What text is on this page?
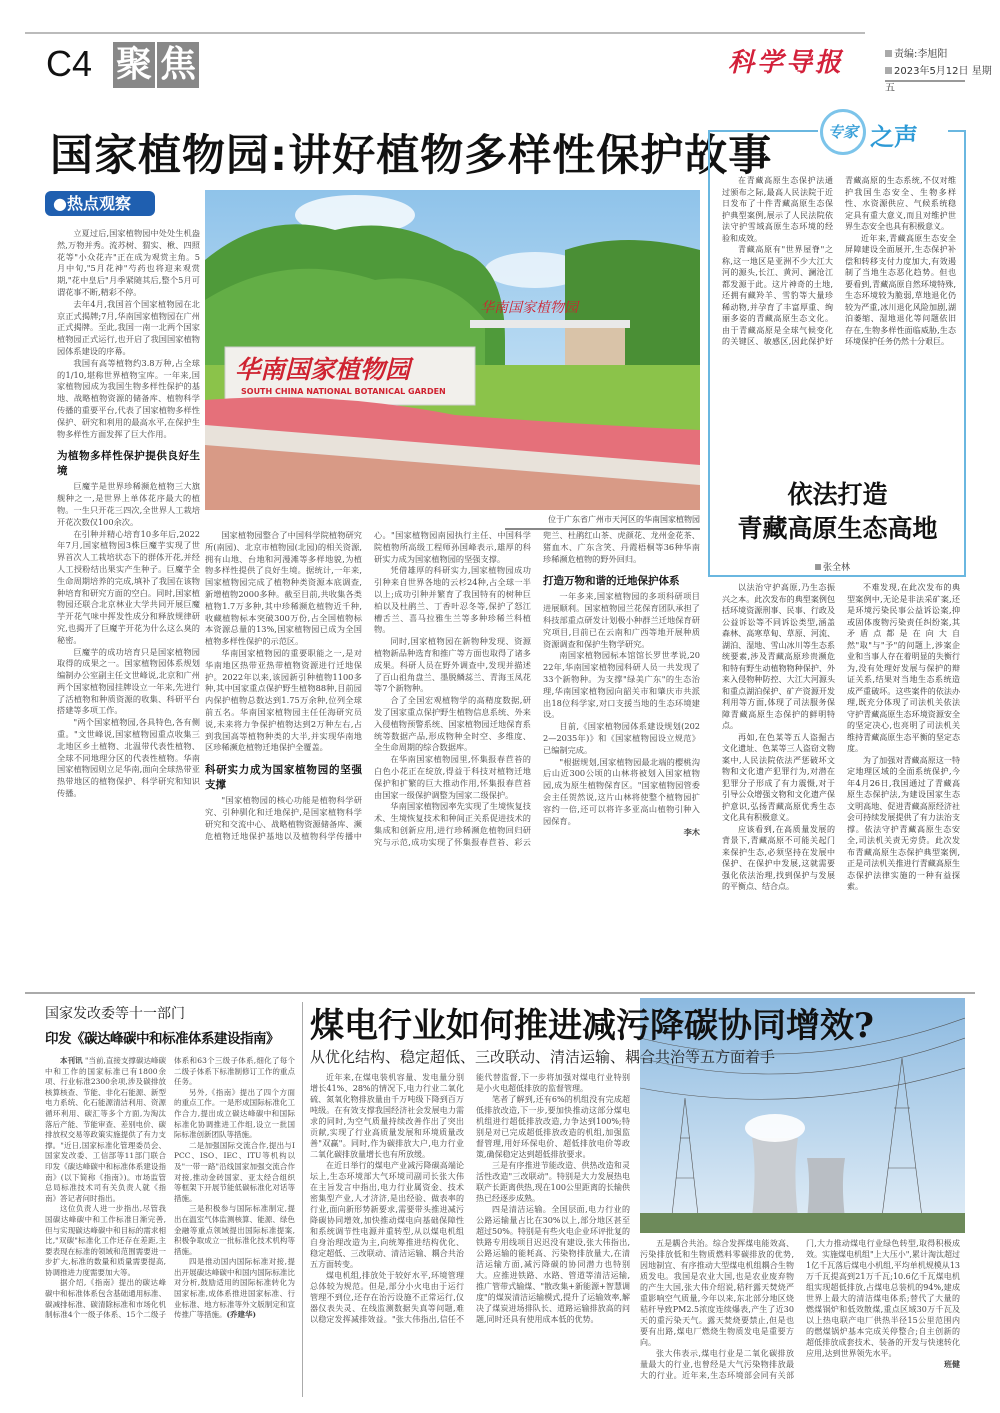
C4 聚 焦	科学导报	责编:李旭阳
2023年5月12日 星期五
国家植物园:讲好植物多样性保护故事
●热点观察
华南国家植物园
华南国家植物园
SOUTH CHINA NATIONAL BOTANICAL GARDEN
位于广东省广州市天河区的华南国家植物园

立夏过后,国家植物园中处处生机盎然,万物并秀。流苏树、猬实、楸、四照花等"小众花卉"正在成为观赏主角。5月中旬,"5月花神"芍药也将迎来观赏期,"花中皇后"月季紧随其后,整个5月可谓花事不断,精彩不停。

去年4月,我国首个国家植物园在北京正式揭牌;7月,华南国家植物园在广州正式揭牌。至此,我国一南一北两个国家植物园正式运行,也开启了我国国家植物园体系建设的序幕。

我国有高等植物约3.8万种,占全球的1/10,堪称世界植物宝库。一年来,国家植物园成为我国生物多样性保护的基地、战略植物资源的储备库、植物科学传播的重要平台,代表了国家植物多样性保护、研究和利用的最高水平,在保护生物多样性方面发挥了巨大作用。

为植物多样性保护提供良好生境

巨魔芋是世界珍稀濒危植物三大旗舰种之一,是世界上单体花序最大的植物。一生只开花三四次,全世界人工栽培开花次数仅100余次。

在引种并精心培育10多年后,2022年7月,国家植物园3株巨魔芋实现了世界首次人工栽培状态下的群体开花,并经人工授粉结出果实产生种子。巨魔芋全生命周期培养的完成,填补了我国在该物种培育和研究方面的空白。同时,国家植物园还联合北京林业大学共同开展巨魔芋开花气味中挥发性成分和释放规律研究,也揭开了巨魔芋开花为什么这么臭的秘密。

巨魔芋的成功培育只是国家植物园取得的成果之一。国家植物园体系规划编制办公室副主任文世峰说,北京和广州两个国家植物园挂牌设立一年来,先进行了活植物和种质资源的收集、科研平台搭建等多项工作。

"两个国家植物园,各具特色,各有侧重。"文世峰说,国家植物园重点收集三北地区乡土植物、北温带代表性植物、全球不同地理分区的代表性植物。华南国家植物园则立足华南,面向全球热带亚热带地区的植物保护、科学研究和知识传播。

国家植物园整合了中国科学院植物研究所(南园)、北京市植物园(北园)的相关资源,拥有山地、台地和河漫滩等多样地貌,为植物多样性提供了良好生境。据统计,一年来,国家植物园完成了植物种类资源本底调查,新增植物2000多种。截至目前,共收集各类植物1.7万多种,其中珍稀濒危植物近千种,收藏植物标本突破300万份,占全国植物标本资源总量的13%,国家植物园已成为全国植物多样性保护的示范区。

华南国家植物园的重要职能之一,是对华南地区热带亚热带植物资源进行迁地保护。2022年以来,该园新引种植物1100多种,其中国家重点保护野生植物88种,目前园内保护植物总数达到1.75万余种,位列全球前五名。华南国家植物园主任任海研究员说,未来将力争保护植物达到2万种左右,占到我国高等植物种类的大半,并实现华南地区珍稀濒危植物迁地保护全覆盖。

科研实力成为国家植物园的坚强支撑

"国家植物园的核心功能是植物科学研究、引种驯化和迁地保护,是国家植物科学研究和交流中心、战略植物资源储备库、濒危植物迁地保护基地以及植物科学传播中心。"国家植物园南园执行主任、中国科学院植物所高级工程师孙国峰表示,雄厚的科研实力成为国家植物园的坚强支撑。

凭借雄厚的科研实力,国家植物园成功引种来自世界各地的云杉24种,占全球一半以上;成功引种并繁育了我国特有的树种巨柏以及杜鹃兰、丁香叶忍冬等,保护了怒江槽舌兰、喜马拉雅生兰等多种珍稀兰科植物。

同时,国家植物园在新物种发现、资源植物新品种选育和推广等方面也取得了诸多成果。科研人员在野外调查中,发现并描述了百山祖角盘兰、墨脱鳞蕊兰、青海玉凤花等7个新物种。

合了全国宏观植物学的高精度数据,研发了国家重点保护野生植物信息系统、外来入侵植物预警系统、国家植物园迁地保育系统等数据产品,形成物种全时空、多维度、全生命周期的综合数据库。

在华南国家植物园里,怀集报春苣苔的白色小花正在绽放,得益于科技对植物迁地保护和扩繁的巨大推动作用,怀集报春苣苔由国家一级保护调整为国家二级保护。

华南国家植物园率先实现了生境恢复技术、生境恢复技术和种间正关系促进技术的集成和创新应用,进行珍稀濒危植物回归研究与示范,成功实现了怀集报春苣苔、彩云兜兰、杜鹃红山茶、虎颜花、龙州金花茶、猪血木、广东含笑、丹霞梧桐等36种华南珍稀濒危植物的野外回归。

打造万物和谐的迁地保护体系

一年多来,国家植物园的多项科研项目进展顺利。国家植物园兰花保育团队承担了科技部重点研发计划极小种群兰迁地保育研究项目,目前已在云南和广西等地开展种质资源调查和保护生物学研究。

南国家植物园标本馆馆长罗世孝说,2022年,华南国家植物园科研人员一共发现了33个新物种。为支撑"绿美广东"的生态治理,华南国家植物园向韶关市和肇庆市共派出18位科学家,对口支援当地的生态环境建设。

目前,《国家植物园体系建设规划(2022—2035年)》和《国家植物园设立规范》已编制完成。

"根据规划,国家植物园最北端的樱桃沟后山近300公顷的山林将被划入国家植物园,成为原生植物保育区。"国家植物园管委会主任贺然说,这片山林将使整个植物园扩容约一倍,还可以将许多亚高山植物引种入园保育。

李木

专家 之声

在青藏高原生态保护法通过颁布之际,最高人民法院于近日发布了十件青藏高原生态保护典型案例,展示了人民法院依法守护雪域高原生态环境的经验和成效。

青藏高原有"世界屋脊"之称,这一地区是亚洲不少大江大河的源头,长江、黄河、澜沧江都发源于此。这片神奇的土地,还拥有藏羚羊、雪豹等大量珍稀动物,并孕育了丰富厚重、绚丽多姿的青藏高原生态文化。由于青藏高原是全球气候变化的关键区、敏感区,因此保护好青藏高原的生态系统,不仅对维护我国生态安全、生物多样性、水资源供应、气候系统稳定具有重大意义,而且对维护世界生态安全也具有积极意义。

近年来,青藏高原生态安全屏障建设全面展开,生态保护补偿和转移支付力度加大,有效遏制了当地生态恶化趋势。但也要看到,青藏高原自然环境特殊,生态环境较为脆弱,草地退化仍较为严重,冰川退化风险加剧,湖泊萎缩、湿地退化等问题依旧存在,生物多样性面临威胁,生态环境保护任务仍然十分艰巨。

依法打造
青藏高原生态高地
张全林

以法治守护高原,乃生态振兴之本。此次发布的典型案例包括环境资源刑事、民事、行政及公益诉讼等不同诉讼类型,涵盖森林、高寒草甸、草原、河流、湖泊、湿地、雪山冰川等生态系统要素,涉及青藏高原珍贵濒危和特有野生动植物物种保护、外来入侵物种防控、大江大河源头和重点湖泊保护、矿产资源开发利用等方面,体现了司法服务保障青藏高原生态保护的鲜明特点。

再如,在色某等五人盗掘古文化遗址、色某等三人盗窃文物案中,人民法院依法严惩破坏文物和文化遗产犯罪行为,对潜在犯罪分子形成了有力震慑,对于引导公众增强文物和文化遗产保护意识,弘扬青藏高原优秀生态文化具有积极意义。

应该看到,在高质量发展的背景下,青藏高原不可能关起门来保护生态,必须坚持在发展中保护、在保护中发展,这就需要强化依法治理,找到保护与发展的平衡点、结合点。

不难发现,在此次发布的典型案例中,无论是非法采矿案,还是环境污染民事公益诉讼案,抑或固体废物污染责任纠纷案,其矛盾点都是在向大自然"取"与"予"的问题上,涉案企业和当事人存在着明显的失衡行为,没有处理好发展与保护的辩证关系,结果对当地生态系统造成严重破坏。这些案件的依法办理,既充分体现了司法机关依法守护青藏高原生态环境资源安全的坚定决心,也亮明了司法机关维持青藏高原生态平衡的坚定态度。

为了加强对青藏高原这一特定地理区域的全面系统保护,今年4月26日,我国通过了青藏高原生态保护法,为建设国家生态文明高地、促进青藏高原经济社会可持续发展提供了有力法治支撑。依法守护青藏高原生态安全,司法机关责无旁贷。此次发布青藏高原生态保护典型案例,正是司法机关推进行青藏高原生态保护法律实施的一种有益探索。

国家发改委等十一部门
印发《碳达峰碳中和标准体系建设指南》

本刊讯 "当前,直接支撑碳达峰碳中和工作的国家标准已有1800余项、行业标准2300余项,涉及碳排放核算核查、节能、非化石能源、新型电力系统、化石能源清洁利用、资源循环利用、碳汇等多个方面,为淘汰落后产能、节能审查、差别电价、碳排放权交易等政策实施提供了有力支撑。"近日,国家标准化管理委员会、国家发改委、工信部等11部门联合印发《碳达峰碳中和标准体系建设指南》(以下简称《指南》)。市场监管总局标准技术司有关负责人就《指南》答记者问时指出。

这位负责人进一步指出,尽管我国碳达峰碳中和工作标准日渐完善,但与实现碳达峰碳中和目标的需求相比,"双碳"标准化工作还存在差距,主要表现在标准的领域和范围需要进一步扩大,标准的数量和质量需要提高,协调推进力度需要加大等。

据介绍,《指南》提出的碳达峰碳中和标准体系包含基础通用标准、碳减排标准、碳清除标准和市场化机制标准4个一级子体系、15个二级子体系和63个三级子体系,细化了每个二级子体系下标准制修订工作的重点任务。

另外,《指南》提出了四个方面的重点工作。一是形成国际标准化工作合力,提出成立碳达峰碳中和国际标准化协调推进工作组,设立一批国际标准创新团队等措施。

二是加强国际交流合作,提出与IPCC、ISO、IEC、ITU等机构以及"一带一路"沿线国家加强交流合作对接,推动金砖国家、亚太经合组织等框架下开展节能低碳标准化对话等措施。

三是积极参与国际标准制定,提出在温室气体监测核算、能源、绿色金融等重点领域提出国际标准提案,积极争取成立一批标准化技术机构等措施。

四是推动国内国际标准对接,提出开展碳达峰碳中和国内国际标准比对分析,鼓励适用的国际标准转化为国家标准,成体系推进国家标准、行业标准、地方标准等外文版制定和宣传推广等措施。(乔建华)

煤电行业如何推进减污降碳协同增效?
从优化结构、稳定超低、三改联动、清洁运输、耦合共治等五方面着手

近年来,在煤电装机容量、发电量分别增长41%、28%的情况下,电力行业二氧化硫、氮氧化物排放量由千万吨级下降到百万吨级。在有效支撑我国经济社会发展电力需求的同时,为空气质量持续改善作出了突出贡献,实现了行业高质量发展和环境质量改善"双赢"。同时,作为碳排放大户,电力行业二氧化碳排放量增长也有所放缓。

在近日举行的煤电产业减污降碳高端论坛上,生态环境部大气环境司副司长张大伟在主旨发言中指出,电力行业属资金、技术密集型产业,人才济济,是出经验、做表率的行业,面向新形势新要求,需要带头推进减污降碳协同增效,加快推动煤电向基础保障性和系统调节性电源并重转型,从以煤电机组自身治理改造为主,向统筹推进结构优化、稳定超低、三改联动、清洁运输、耦合共治五方面转变。

煤电机组,排放处于较好水平,环境管理总体较为规范。但是,部分小火电由于运行管理不到位,还存在治污设施不正常运行,仪器仪表失灵、在线监测数据失真等问题,难以稳定发挥减排效益。"张大伟指出,信任不能代替监督,下一步将加强对煤电行业特别是小火电超低排放的监督管理。

笔者了解到,还有6%的机组没有完成超低排放改造,下一步,要加快推动这部分煤电机组进行超低排放改造,力争达到100%;特别是对已完成超低排放改造的机组,加强监督管理,用好环保电价、超低排放电价等政策,确保稳定达到超低排放要求。

三是有序推进节能改造、供热改造和灵活性改造"三改联动"。特别是大力发展热电联产长距离供热,现在100公里距离的长输供热已经逐步成熟。

四是清洁运输。全国层面,电力行业的公路运输量占比在30%以上,部分地区甚至超过50%。特别是有些火电企业环评批复的铁路专用线项目迟迟没有建设,张大伟指出,公路运输的能耗高、污染物排放量大,在清洁运输方面,减污降碳的协同潜力也特别大。应推进铁路、水路、管道等清洁运输,推广管带式输煤、"散改集+新能源+智慧调度"的煤炭清洁运输模式,提升了运输效率,解决了煤炭进场排队长、道路运输排放高的问题,同时还具有使用成本低的优势。

五是耦合共治。综合发挥煤电能效高、污染排放低和生物质燃料零碳排放的优势,因地制宜、有序推动大型煤电机组耦合生物质发电。我国是农业大国,也是农业废弃物的产生大国,张大伟介绍说,秸秆露天焚烧严重影响空气质量,今年以来,东北部分地区烧秸秆导致PM2.5浓度连续爆表,产生了近30天的重污染天气。露天焚烧要禁止,但是也要有出路,煤电厂燃烧生物质发电是重要方向。

张大伟表示,煤电行业是二氧化碳排放量最大的行业,也曾经是大气污染物排放最大的行业。近年来,生态环境部会同有关部门,大力推动煤电行业绿色转型,取得积极成效。实施煤电机组"上大压小",累计淘汰超过1亿千瓦落后煤电小机组,平均单机规模从13万千瓦提高到21万千瓦;10.6亿千瓦煤电机组实现超低排放,占煤电总装机的94%,建成世界上最大的清洁煤电体系;替代了大量的燃煤锅炉和低效散煤,重点区域30万千瓦及以上热电联产电厂供热半径15公里范围内的燃煤锅炉基本完成关停整合;自主创新的超低排放成套技术、装备的开发与快速转化应用,达到世界领先水平。

班健
